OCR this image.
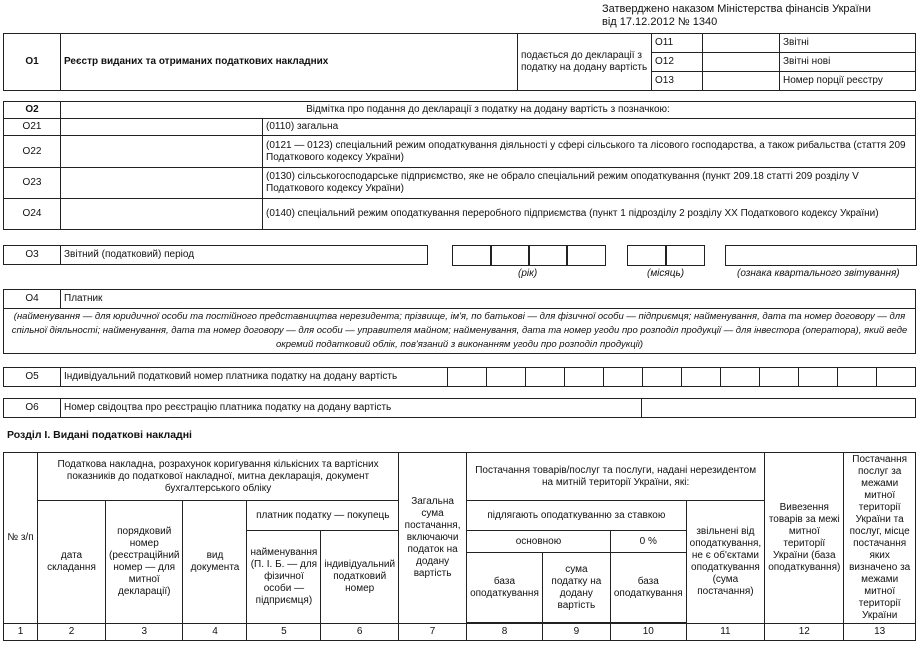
Затверджено наказом Міністерства фінансів України
від 17.12.2012 № 1340
О1	Реєстр виданих та отриманих податкових накладних	подається до декларації з податку на додану вартість	О11		Звітні
			О12		Звітні нові
			О13		Номер порції реєстру
О2	Відмітка про подання до декларації з податку на додану вартість з позначкою:	
О21		(0110) загальна
О22		(0121 — 0123) спеціальний режим оподаткування діяльності у сфері сільського та лісового господарства, а також рибальства (стаття 209 Податкового кодексу України)
О23		(0130) сільськогосподарське підприємство, яке не обрало спеціальний режим оподаткування (пункт 209.18 статті 209 розділу V Податкового кодексу України)
О24		(0140) спеціальний режим оподаткування переробного підприємства (пункт 1 підрозділу 2 розділу XX Податкового кодексу України)
О3	Звітний (податковий) період
(рік)	(місяць)	(ознака квартального звітування)
О4	Платник
(найменування — для юридичної особи та постійного представництва нерезидента; прізвище, ім'я, по батькові — для фізичної особи — підприємця; найменування, дата та номер договору — для спільної діяльності; найменування, дата та номер договору — для особи — управителя майном; найменування, дата та номер угоди про розподіл продукції — для інвестора (оператора), який веде окремий податковий облік, пов'язаний з виконанням угоди про розподіл продукції)
О5	Індивідуальний податковий номер платника податку на додану вартість												
О6	Номер свідоцтва про реєстрацію платника податку на додану вартість	
Розділ I. Видані податкові накладні
№ з/п	Податкова накладна, розрахунок коригування кількісних та вартісних показників до податкової накладної, митна декларація, документ бухгалтерського обліку					Загальна сума постачання, включаючи податок на додану вартість	Постачання товарів/послуг та послуги, надані нерезидентом на митній території України, які:				Вивезення товарів за межі митної території України (база оподаткування)	Постачання послуг за межами митної території України та послуг, місце постачання яких визначено за межами митної території України
	дата складання	порядковий номер (реєстраційний номер — для митної декларації)	вид документа	платник податку — покупець			підлягають оподаткуванню за ставкою			звільнені від оподаткування, не є об'єктами оподаткування (сума постачання)		
				найменування (П. І. Б. — для фізичної особи — підприємця)	індивідуальний податковий номер		основною		0 %			
							база оподаткування	сума податку на додану вартість	база оподаткування			

1	2	3	4	5	6	7	8	9	10	11	12	13
